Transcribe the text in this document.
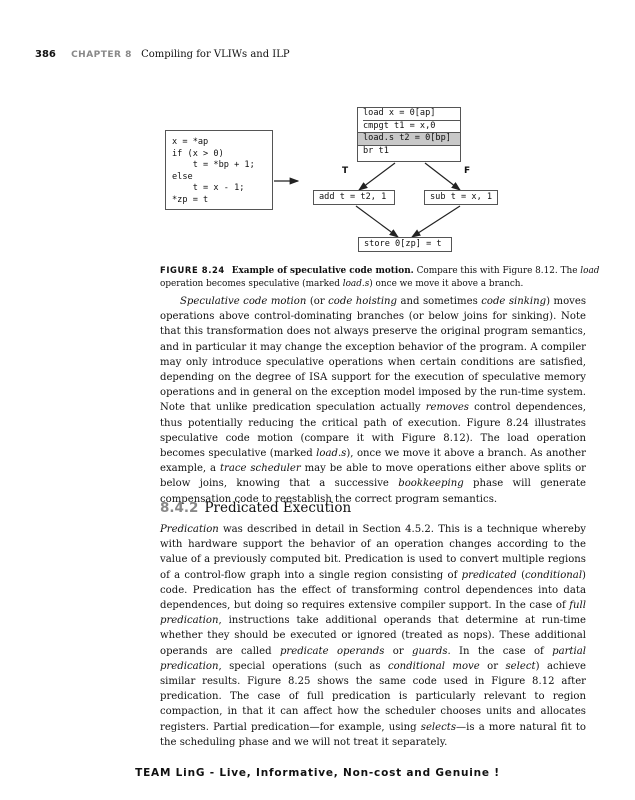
386 CHAPTER 8 Compiling for VLIWs and ILP
x = *ap
if (x > 0)
t = *bp + 1;
else
t = x - 1;
*zp = t
load x = 0[ap]
cmpgt t1 = x,0
load.s t2 = 0[bp]
br t1
T	F
add t = t2, 1	sub t = x, 1
store 0[zp] = t
FIGURE 8.24 Example of speculative code motion. Compare this with Figure 8.12. The load operation becomes speculative (marked load.s) once we move it above a branch.

Speculative code motion (or code hoisting and sometimes code sinking) moves operations above control-dominating branches (or below joins for sinking). Note that this transformation does not always preserve the original program semantics, and in particular it may change the exception behavior of the program. A compiler may only introduce speculative operations when certain conditions are satisfied, depending on the degree of ISA support for the execution of speculative memory operations and in general on the exception model imposed by the run-time system. Note that unlike predication speculation actually removes control dependences, thus potentially reducing the critical path of execution. Figure 8.24 illustrates speculative code motion (compare it with Figure 8.12). The load operation becomes speculative (marked load.s), once we move it above a branch. As another example, a trace scheduler may be able to move operations either above splits or below joins, knowing that a successive bookkeeping phase will generate compensation code to reestablish the correct program semantics.

8.4.2 Predicated Execution

Predication was described in detail in Section 4.5.2. This is a technique whereby with hardware support the behavior of an operation changes according to the value of a previously computed bit. Predication is used to convert multiple regions of a control-flow graph into a single region consisting of predicated (conditional) code. Predication has the effect of transforming control dependences into data dependences, but doing so requires extensive compiler support. In the case of full predication, instructions take additional operands that determine at run-time whether they should be executed or ignored (treated as nops). These additional operands are called predicate operands or guards. In the case of partial predication, special operations (such as conditional move or select) achieve similar results. Figure 8.25 shows the same code used in Figure 8.12 after predication. The case of full predication is particularly relevant to region compaction, in that it can affect how the scheduler chooses units and allocates registers. Partial predication—for example, using selects—is a more natural fit to the scheduling phase and we will not treat it separately.

TEAM LinG - Live, Informative, Non-cost and Genuine !
